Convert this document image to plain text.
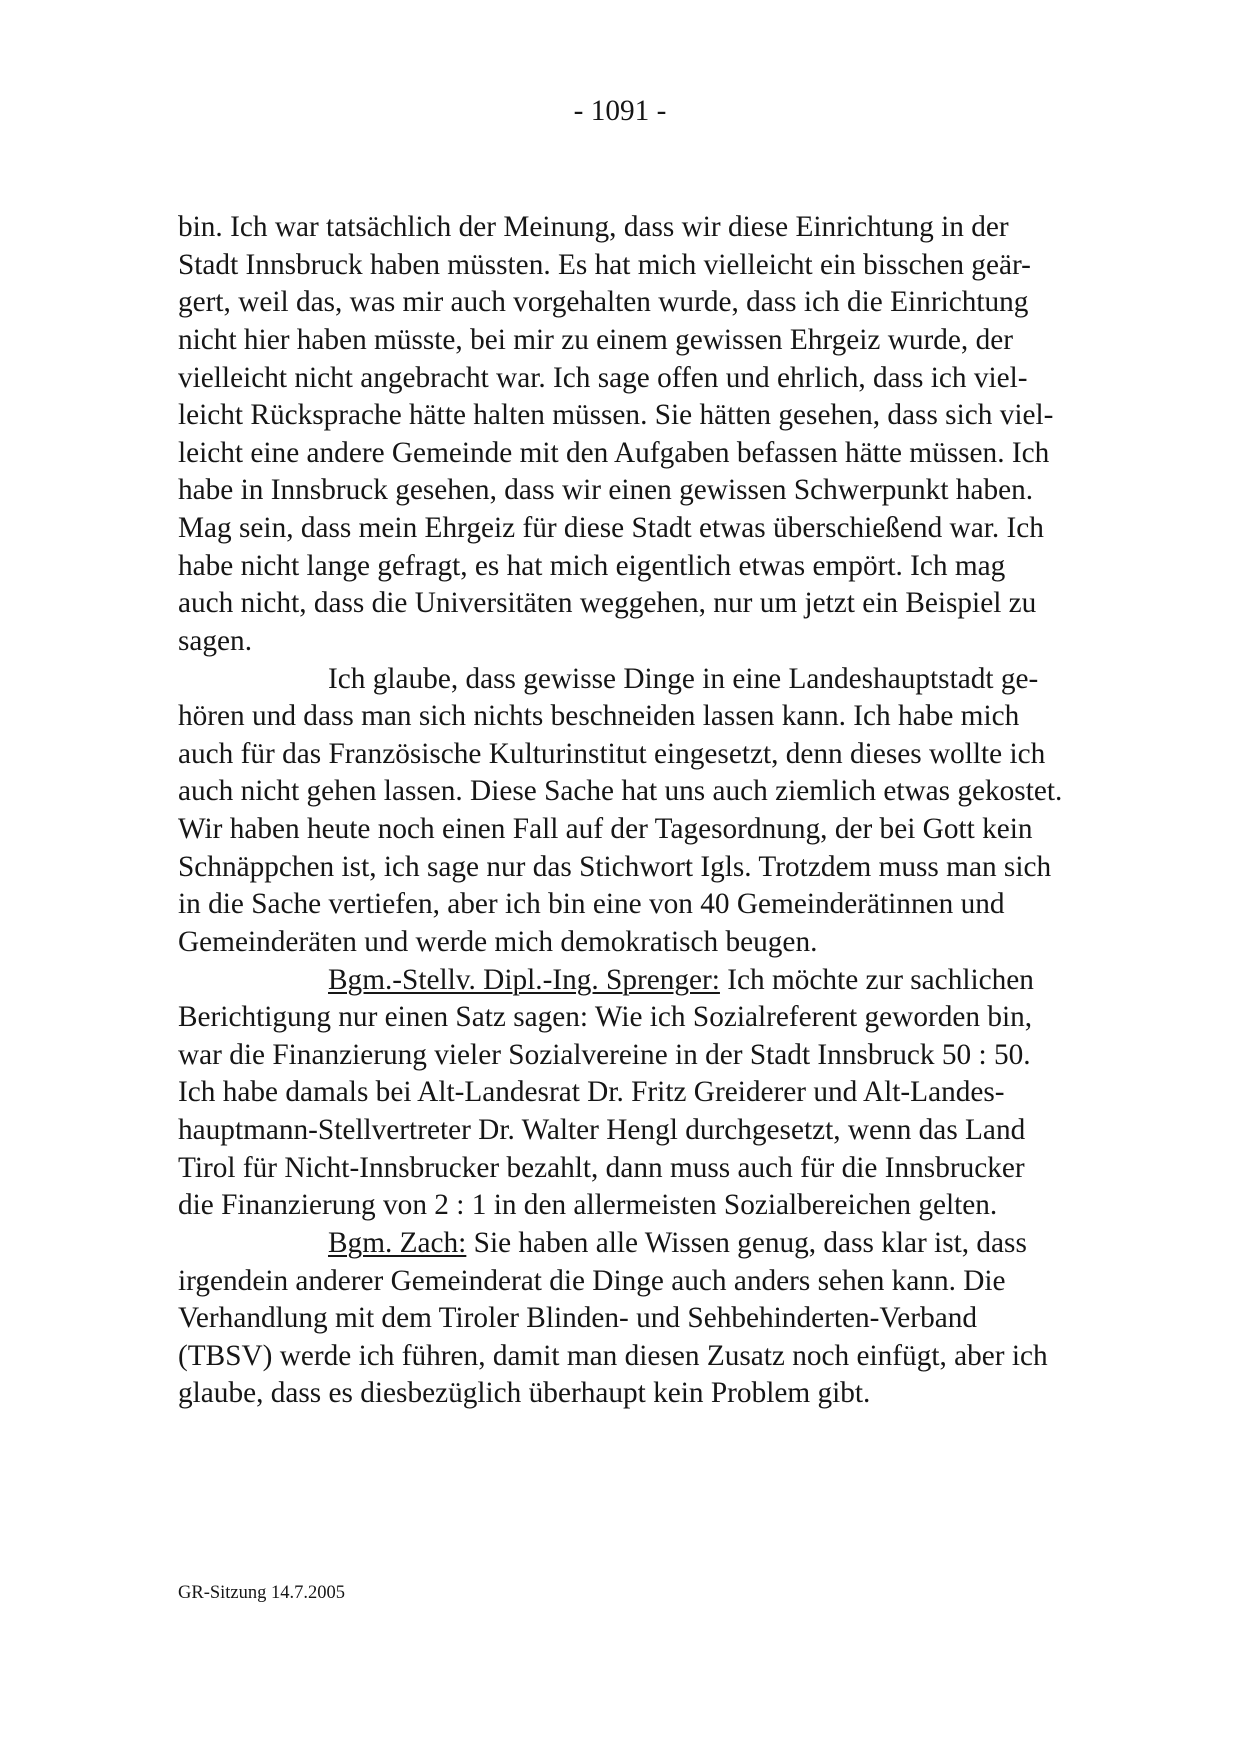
- 1091 -
bin. Ich war tatsächlich der Meinung, dass wir diese Einrichtung in der
Stadt Innsbruck haben müssten. Es hat mich vielleicht ein bisschen geär-
gert, weil das, was mir auch vorgehalten wurde, dass ich die Einrichtung
nicht hier haben müsste, bei mir zu einem gewissen Ehrgeiz wurde, der
vielleicht nicht angebracht war. Ich sage offen und ehrlich, dass ich viel-
leicht Rücksprache hätte halten müssen. Sie hätten gesehen, dass sich viel-
leicht eine andere Gemeinde mit den Aufgaben befassen hätte müssen. Ich
habe in Innsbruck gesehen, dass wir einen gewissen Schwerpunkt haben.
Mag sein, dass mein Ehrgeiz für diese Stadt etwas überschießend war. Ich
habe nicht lange gefragt, es hat mich eigentlich etwas empört. Ich mag
auch nicht, dass die Universitäten weggehen, nur um jetzt ein Beispiel zu
sagen.
Ich glaube, dass gewisse Dinge in eine Landeshauptstadt ge-
hören und dass man sich nichts beschneiden lassen kann. Ich habe mich
auch für das Französische Kulturinstitut eingesetzt, denn dieses wollte ich
auch nicht gehen lassen. Diese Sache hat uns auch ziemlich etwas gekostet.
Wir haben heute noch einen Fall auf der Tagesordnung, der bei Gott kein
Schnäppchen ist, ich sage nur das Stichwort Igls. Trotzdem muss man sich
in die Sache vertiefen, aber ich bin eine von 40 Gemeinderätinnen und
Gemeinderäten und werde mich demokratisch beugen.
Bgm.-Stellv. Dipl.-Ing. Sprenger: Ich möchte zur sachlichen
Berichtigung nur einen Satz sagen: Wie ich Sozialreferent geworden bin,
war die Finanzierung vieler Sozialvereine in der Stadt Innsbruck 50 : 50.
Ich habe damals bei Alt-Landesrat Dr. Fritz Greiderer und Alt-Landes-
hauptmann-Stellvertreter Dr. Walter Hengl durchgesetzt, wenn das Land
Tirol für Nicht-Innsbrucker bezahlt, dann muss auch für die Innsbrucker
die Finanzierung von 2 : 1 in den allermeisten Sozialbereichen gelten.
Bgm. Zach: Sie haben alle Wissen genug, dass klar ist, dass
irgendein anderer Gemeinderat die Dinge auch anders sehen kann. Die
Verhandlung mit dem Tiroler Blinden- und Sehbehinderten-Verband
(TBSV) werde ich führen, damit man diesen Zusatz noch einfügt, aber ich
glaube, dass es diesbezüglich überhaupt kein Problem gibt.
GR-Sitzung 14.7.2005
